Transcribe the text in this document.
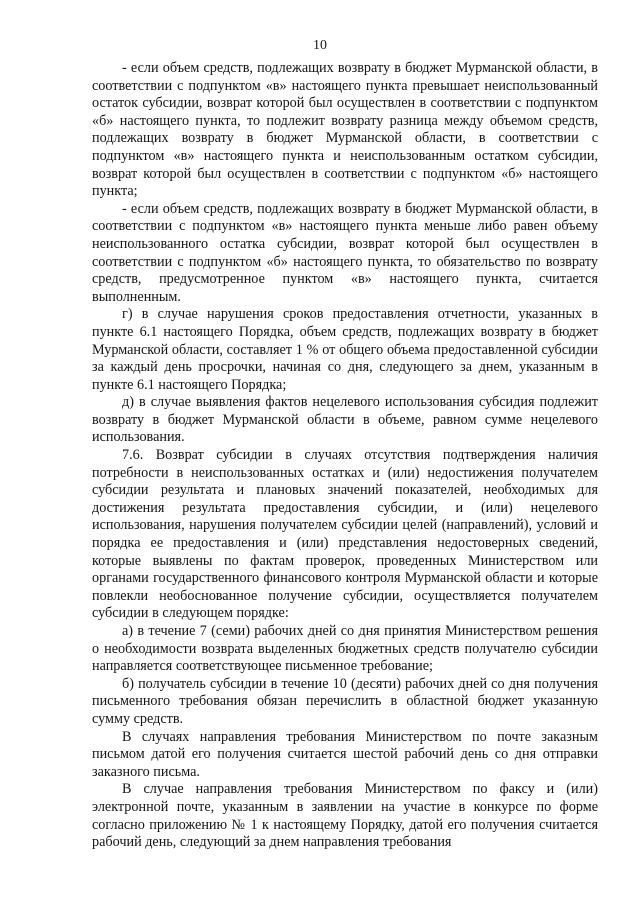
10

- если объем средств, подлежащих возврату в бюджет Мурманской области, в соответствии с подпунктом «в» настоящего пункта превышает неиспользованный остаток субсидии, возврат которой был осуществлен в соответствии с подпунктом «б» настоящего пункта, то подлежит возврату разница между объемом средств, подлежащих возврату в бюджет Мурманской области, в соответствии с подпунктом «в» настоящего пункта и неиспользованным остатком субсидии, возврат которой был осуществлен в соответствии с подпунктом «б» настоящего пункта;

- если объем средств, подлежащих возврату в бюджет Мурманской области, в соответствии с подпунктом «в» настоящего пункта меньше либо равен объему неиспользованного остатка субсидии, возврат которой был осуществлен в соответствии с подпунктом «б» настоящего пункта, то обязательство по возврату средств, предусмотренное пунктом «в» настоящего пункта, считается выполненным.

г) в случае нарушения сроков предоставления отчетности, указанных в пункте 6.1 настоящего Порядка, объем средств, подлежащих возврату в бюджет Мурманской области, составляет 1 % от общего объема предоставленной субсидии за каждый день просрочки, начиная со дня, следующего за днем, указанным в пункте 6.1 настоящего Порядка;

д) в случае выявления фактов нецелевого использования субсидия подлежит возврату в бюджет Мурманской области в объеме, равном сумме нецелевого использования.

7.6. Возврат субсидии в случаях отсутствия подтверждения наличия потребности в неиспользованных остатках и (или) недостижения получателем субсидии результата и плановых значений показателей, необходимых для достижения результата предоставления субсидии, и (или) нецелевого использования, нарушения получателем субсидии целей (направлений), условий и порядка ее предоставления и (или) представления недостоверных сведений, которые выявлены по фактам проверок, проведенных Министерством или органами государственного финансового контроля Мурманской области и которые повлекли необоснованное получение субсидии, осуществляется получателем субсидии в следующем порядке:

а) в течение 7 (семи) рабочих дней со дня принятия Министерством решения о необходимости возврата выделенных бюджетных средств получателю субсидии направляется соответствующее письменное требование;

б) получатель субсидии в течение 10 (десяти) рабочих дней со дня получения письменного требования обязан перечислить в областной бюджет указанную сумму средств.

В случаях направления требования Министерством по почте заказным письмом датой его получения считается шестой рабочий день со дня отправки заказного письма.

В случае направления требования Министерством по факсу и (или) электронной почте, указанным в заявлении на участие в конкурсе по форме согласно приложению № 1 к настоящему Порядку, датой его получения считается рабочий день, следующий за днем направления требования
